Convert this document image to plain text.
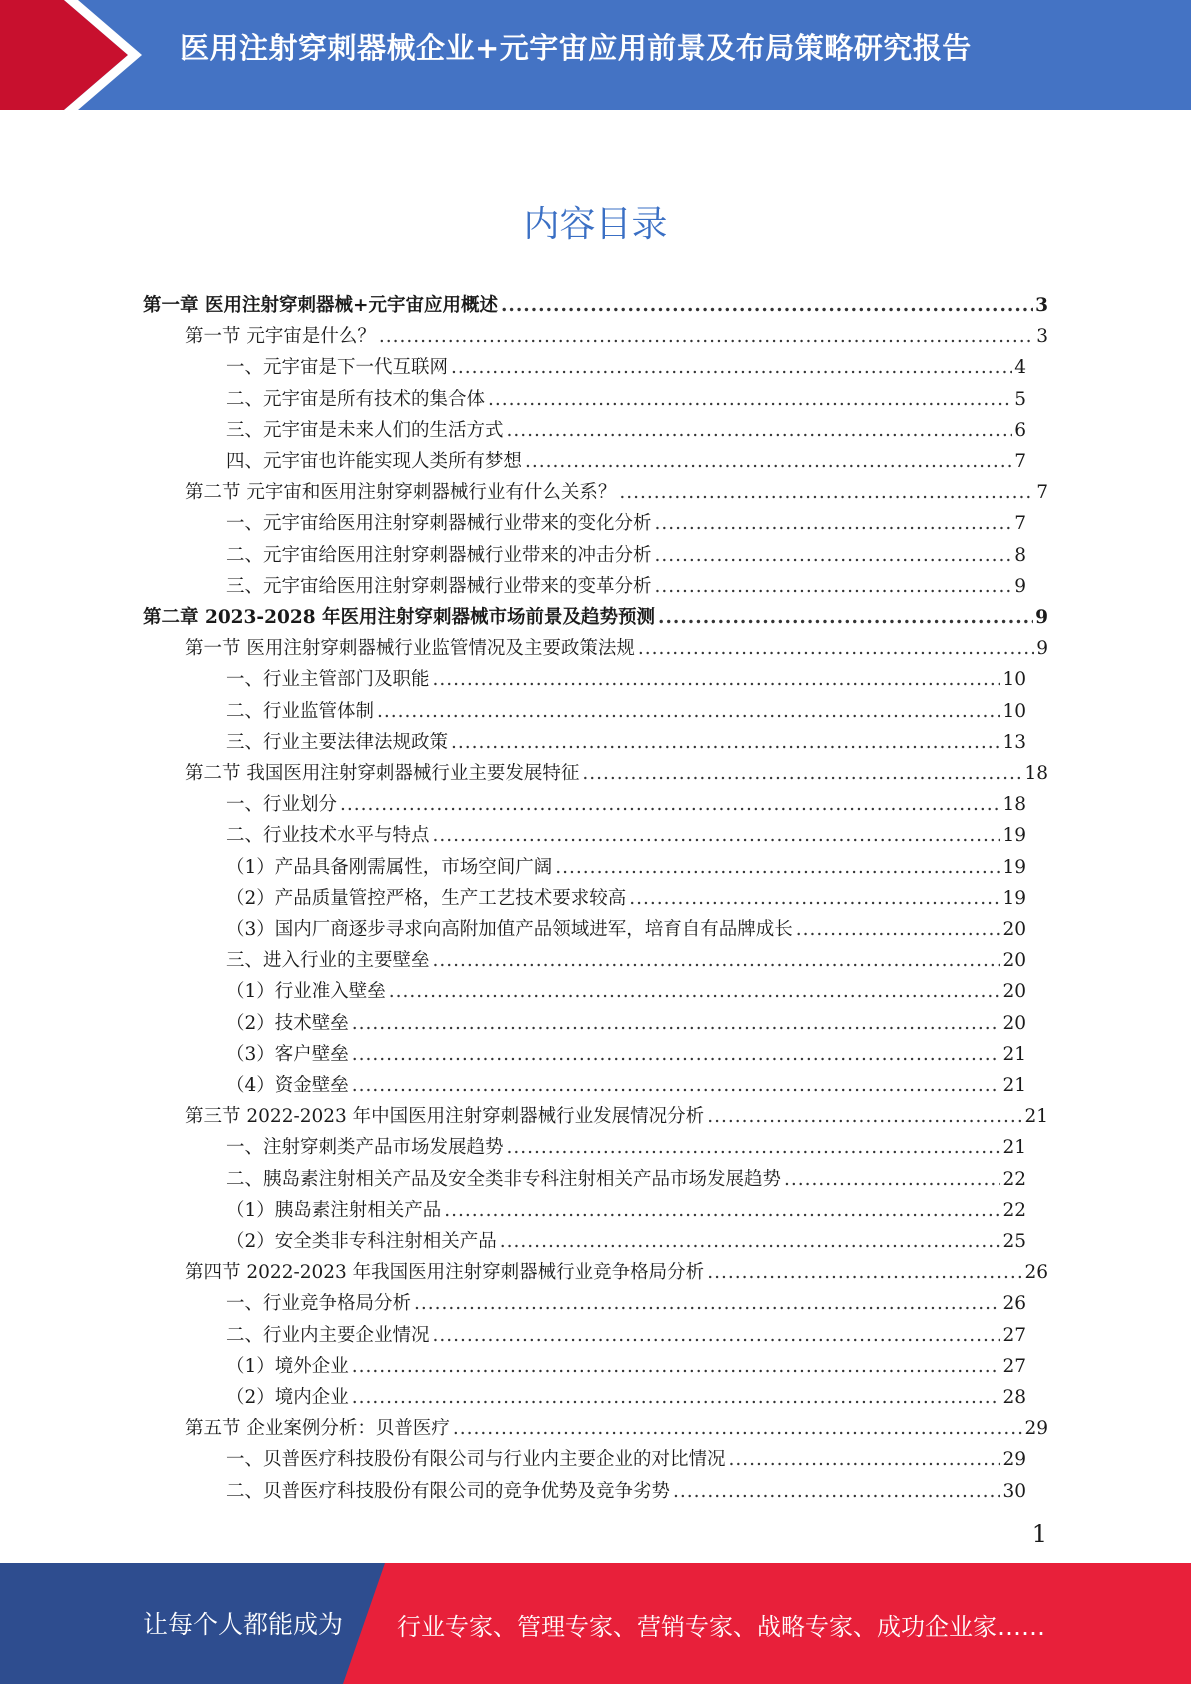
医用注射穿刺器械企业+元宇宙应用前景及布局策略研究报告
内容目录
第一章 医用注射穿刺器械+元宇宙应用概述 .....	3
第一节 元宇宙是什么？ .....	3
一、元宇宙是下一代互联网 .....	4
二、元宇宙是所有技术的集合体 .....	5
三、元宇宙是未来人们的生活方式 .....	6
四、元宇宙也许能实现人类所有梦想 .....	7
第二节 元宇宙和医用注射穿刺器械行业有什么关系？ .....	7
一、元宇宙给医用注射穿刺器械行业带来的变化分析 .....	7
二、元宇宙给医用注射穿刺器械行业带来的冲击分析 .....	8
三、元宇宙给医用注射穿刺器械行业带来的变革分析 .....	9
第二章 2023-2028 年医用注射穿刺器械市场前景及趋势预测 .....	9
第一节 医用注射穿刺器械行业监管情况及主要政策法规 .....	9
一、行业主管部门及职能 .....	10
二、行业监管体制 .....	10
三、行业主要法律法规政策 .....	13
第二节 我国医用注射穿刺器械行业主要发展特征 .....	18
一、行业划分 .....	18
二、行业技术水平与特点 .....	19
（1）产品具备刚需属性，市场空间广阔 .....	19
（2）产品质量管控严格，生产工艺技术要求较高 .....	19
（3）国内厂商逐步寻求向高附加值产品领域进军，培育自有品牌成长 .....	20
三、进入行业的主要壁垒 .....	20
（1）行业准入壁垒 .....	20
（2）技术壁垒 .....	20
（3）客户壁垒 .....	21
（4）资金壁垒 .....	21
第三节 2022-2023 年中国医用注射穿刺器械行业发展情况分析 .....	21
一、注射穿刺类产品市场发展趋势 .....	21
二、胰岛素注射相关产品及安全类非专科注射相关产品市场发展趋势 .....	22
（1）胰岛素注射相关产品 .....	22
（2）安全类非专科注射相关产品 .....	25
第四节 2022-2023 年我国医用注射穿刺器械行业竞争格局分析 .....	26
一、行业竞争格局分析 .....	26
二、行业内主要企业情况 .....	27
（1）境外企业 .....	27
（2）境内企业 .....	28
第五节 企业案例分析：贝普医疗 .....	29
一、贝普医疗科技股份有限公司与行业内主要企业的对比情况 .....	29
二、贝普医疗科技股份有限公司的竞争优势及竞争劣势 .....	30
1
让每个人都能成为 行业专家、管理专家、营销专家、战略专家、成功企业家……
